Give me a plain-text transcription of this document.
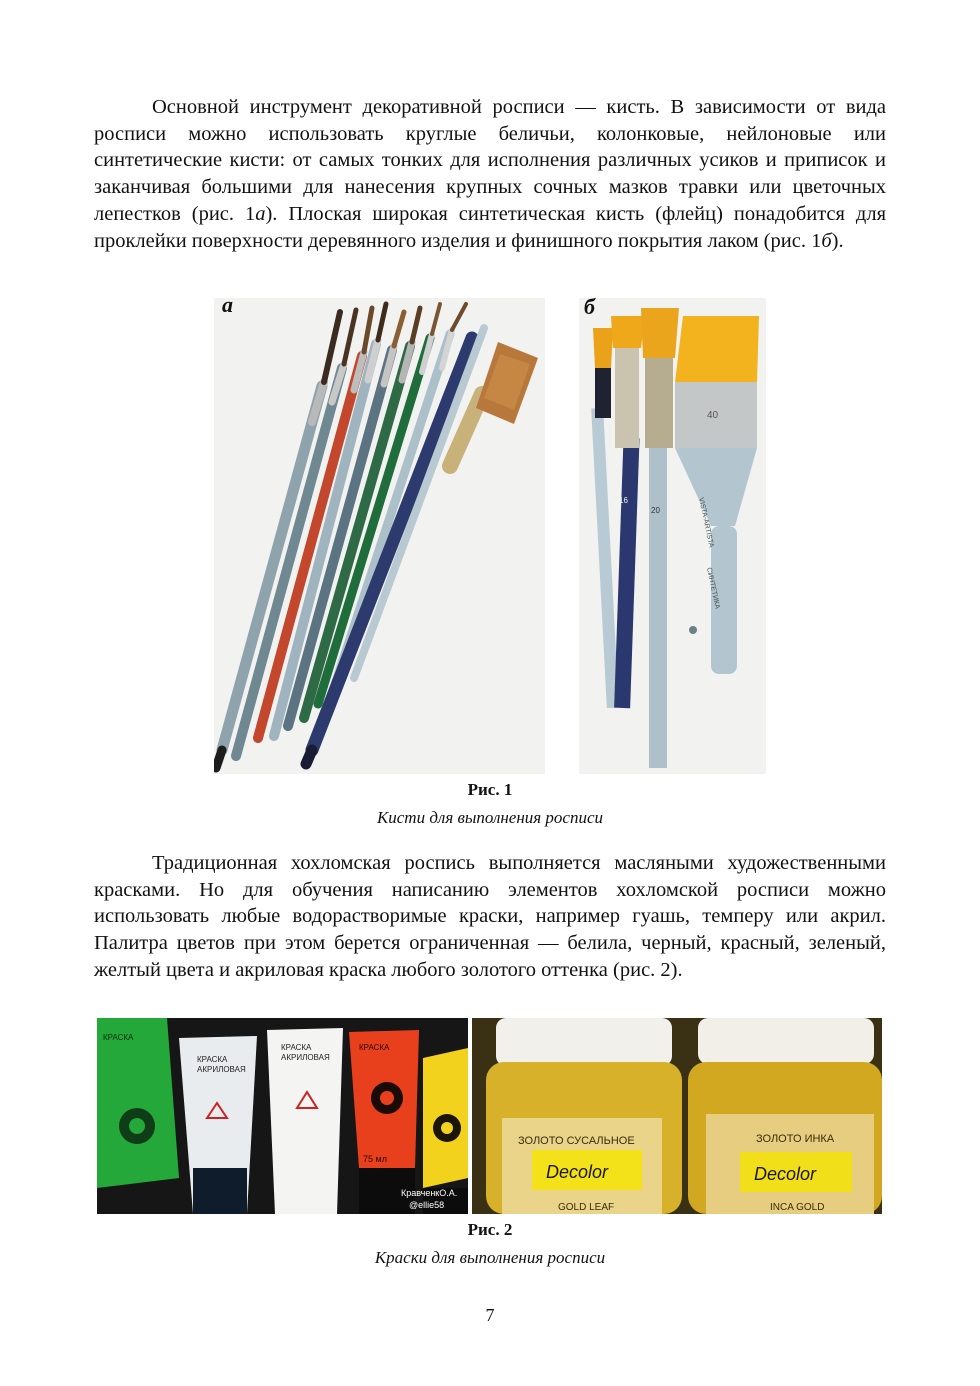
Основной инструмент декоративной росписи — кисть. В зависимости от вида росписи можно использовать круглые беличьи, колонковые, нейлоновые или синтетические кисти: от самых тонких для исполнения различных усиков и приписок и заканчивая большими для нанесения крупных сочных мазков травки или цветочных лепестков (рис. 1а). Плоская широкая синтетическая кисть (флейц) понадобится для проклейки поверхности деревянного изделия и финишного покрытия лаком (рис. 1б).

а
40
16
20	VISTA-ARTISTA
СИНТЕТИКА
б
Рис. 1
Кисти для выполнения росписи

Традиционная хохломская роспись выполняется масляными художественными красками. Но для обучения написанию элементов хохломской росписи можно использовать любые водорастворимые краски, например гуашь, темперу или акрил. Палитра цветов при этом берется ограниченная — белила, черный, красный, зеленый, желтый цвета и акриловая краска любого золотого оттенка (рис. 2).

КРАСКА
КРАСКА
АКРИЛОВАЯ
КРАСКА
АКРИЛОВАЯ
КРАСКА
75 мл
КравченкО.А.
@ellie58
ЗОЛОТО СУСАЛЬНОЕ
Decolor
GOLD LEAF
ЗОЛОТО ИНКА
Decolor
INCA GOLD
Рис. 2
Краски для выполнения росписи
7
